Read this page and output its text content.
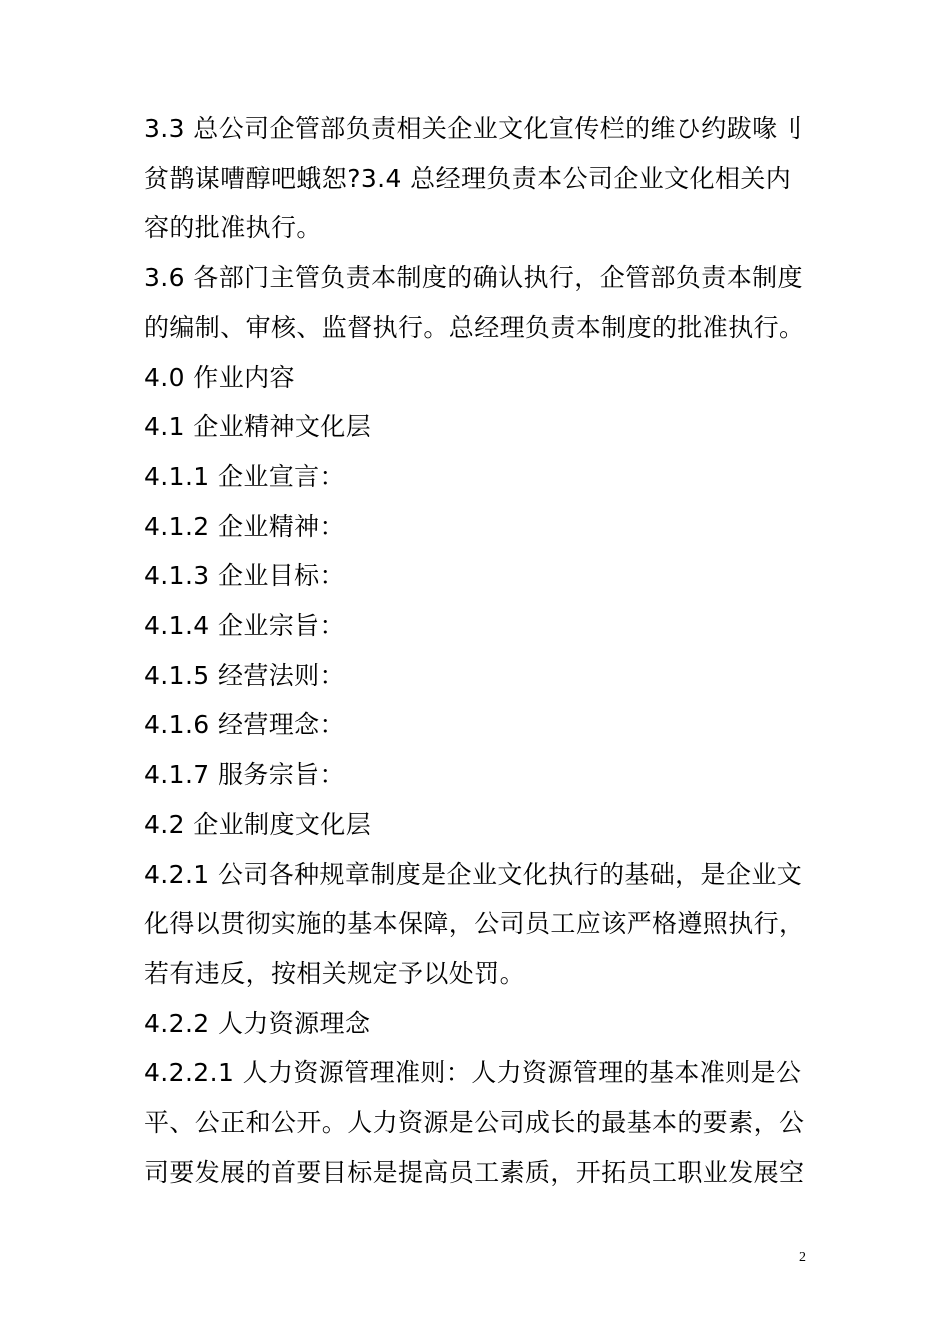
3.3 总公司企管部负责相关企业文化宣传栏的维ひ约跋喙刂贫鹊谋嘈醇吧蛾恕?3.4 总经理负责本公司企业文化相关内容的批准执行。

3.6 各部门主管负责本制度的确认执行，企管部负责本制度的编制、审核、监督执行。总经理负责本制度的批准执行。

4.0 作业内容

4.1 企业精神文化层

4.1.1 企业宣言：

4.1.2 企业精神：

4.1.3 企业目标：

4.1.4 企业宗旨：

4.1.5 经营法则：

4.1.6 经营理念：

4.1.7 服务宗旨：

4.2 企业制度文化层

4.2.1 公司各种规章制度是企业文化执行的基础，是企业文化得以贯彻实施的基本保障，公司员工应该严格遵照执行，若有违反，按相关规定予以处罚。

4.2.2 人力资源理念

4.2.2.1 人力资源管理准则：人力资源管理的基本准则是公平、公正和公开。人力资源是公司成长的最基本的要素，公司要发展的首要目标是提高员工素质，开拓员工职业发展空

2
